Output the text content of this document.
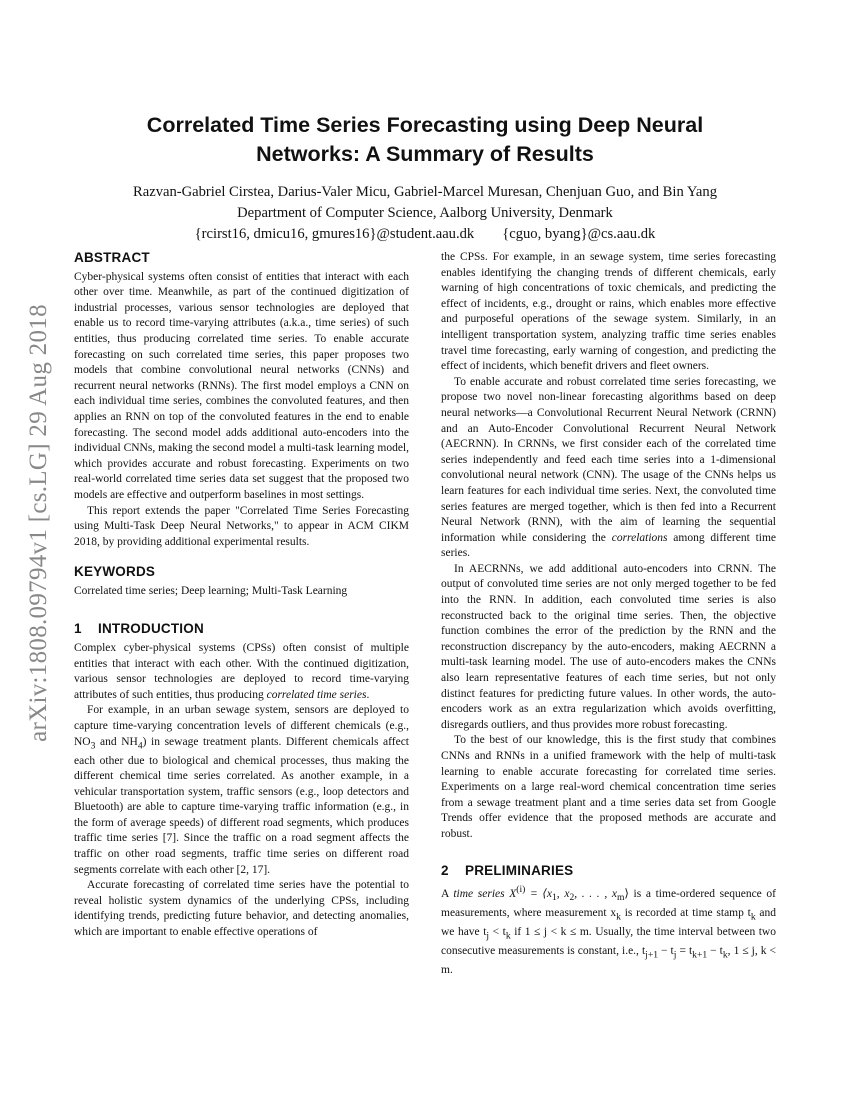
arXiv:1808.09794v1 [cs.LG] 29 Aug 2018
Correlated Time Series Forecasting using Deep Neural
Networks: A Summary of Results
Razvan-Gabriel Cirstea, Darius-Valer Micu, Gabriel-Marcel Muresan, Chenjuan Guo, and Bin Yang
Department of Computer Science, Aalborg University, Denmark
{rcirst16, dmicu16, gmures16}@student.aau.dk {cguo, byang}@cs.aau.dk
ABSTRACT

Cyber-physical systems often consist of entities that interact with each other over time. Meanwhile, as part of the continued digitization of industrial processes, various sensor technologies are deployed that enable us to record time-varying attributes (a.k.a., time series) of such entities, thus producing correlated time series. To enable accurate forecasting on such correlated time series, this paper proposes two models that combine convolutional neural networks (CNNs) and recurrent neural networks (RNNs). The first model employs a CNN on each individual time series, combines the convoluted features, and then applies an RNN on top of the convoluted features in the end to enable forecasting. The second model adds additional auto-encoders into the individual CNNs, making the second model a multi-task learning model, which provides accurate and robust forecasting. Experiments on two real-world correlated time series data set suggest that the proposed two models are effective and outperform baselines in most settings.

This report extends the paper "Correlated Time Series Forecasting using Multi-Task Deep Neural Networks," to appear in ACM CIKM 2018, by providing additional experimental results.

KEYWORDS

Correlated time series; Deep learning; Multi-Task Learning

1 INTRODUCTION

Complex cyber-physical systems (CPSs) often consist of multiple entities that interact with each other. With the continued digitization, various sensor technologies are deployed to record time-varying attributes of such entities, thus producing correlated time series.

For example, in an urban sewage system, sensors are deployed to capture time-varying concentration levels of different chemicals (e.g., $NO_3$ and $NH_4$) in sewage treatment plants. Different chemicals affect each other due to biological and chemical processes, thus making the different chemical time series correlated. As another example, in a vehicular transportation system, traffic sensors (e.g., loop detectors and Bluetooth) are able to capture time-varying traffic information (e.g., in the form of average speeds) of different road segments, which produces traffic time series [7]. Since the traffic on a road segment affects the traffic on other road segments, traffic time series on different road segments correlate with each other [2, 17].

Accurate forecasting of correlated time series have the potential to reveal holistic system dynamics of the underlying CPSs, including identifying trends, predicting future behavior, and detecting anomalies, which are important to enable effective operations of

the CPSs. For example, in an sewage system, time series forecasting enables identifying the changing trends of different chemicals, early warning of high concentrations of toxic chemicals, and predicting the effect of incidents, e.g., drought or rains, which enables more effective and purposeful operations of the sewage system. Similarly, in an intelligent transportation system, analyzing traffic time series enables travel time forecasting, early warning of congestion, and predicting the effect of incidents, which benefit drivers and fleet owners.

To enable accurate and robust correlated time series forecasting, we propose two novel non-linear forecasting algorithms based on deep neural networks—a Convolutional Recurrent Neural Network (CRNN) and an Auto-Encoder Convolutional Recurrent Neural Network (AECRNN). In CRNNs, we first consider each of the correlated time series independently and feed each time series into a 1-dimensional convolutional neural network (CNN). The usage of the CNNs helps us learn features for each individual time series. Next, the convoluted time series features are merged together, which is then fed into a Recurrent Neural Network (RNN), with the aim of learning the sequential information while considering the correlations among different time series.

In AECRNNs, we add additional auto-encoders into CRNN. The output of convoluted time series are not only merged together to be fed into the RNN. In addition, each convoluted time series is also reconstructed back to the original time series. Then, the objective function combines the error of the prediction by the RNN and the reconstruction discrepancy by the auto-encoders, making AECRNN a multi-task learning model. The use of auto-encoders makes the CNNs also learn representative features of each time series, but not only distinct features for predicting future values. In other words, the auto-encoders work as an extra regularization which avoids overfitting, disregards outliers, and thus provides more robust forecasting.

To the best of our knowledge, this is the first study that combines CNNs and RNNs in a unified framework with the help of multi-task learning to enable accurate forecasting for correlated time series. Experiments on a large real-word chemical concentration time series from a sewage treatment plant and a time series data set from Google Trends offer evidence that the proposed methods are accurate and robust.

2 PRELIMINARIES

A time series $X^{(i)}$ = $⟨x_1$, $x_2$, . . . , $x_m⟩$ is a time-ordered sequence of measurements, where measurement $x_k$ is recorded at time stamp $t_k$ and we have $t_j < t_k$ if 1 ≤ j < k ≤ m. Usually, the time interval between two consecutive measurements is constant, i.e., $t_{j+1} - t_j = t_{k+1} - t_k$, 1 ≤ j, k < m.
